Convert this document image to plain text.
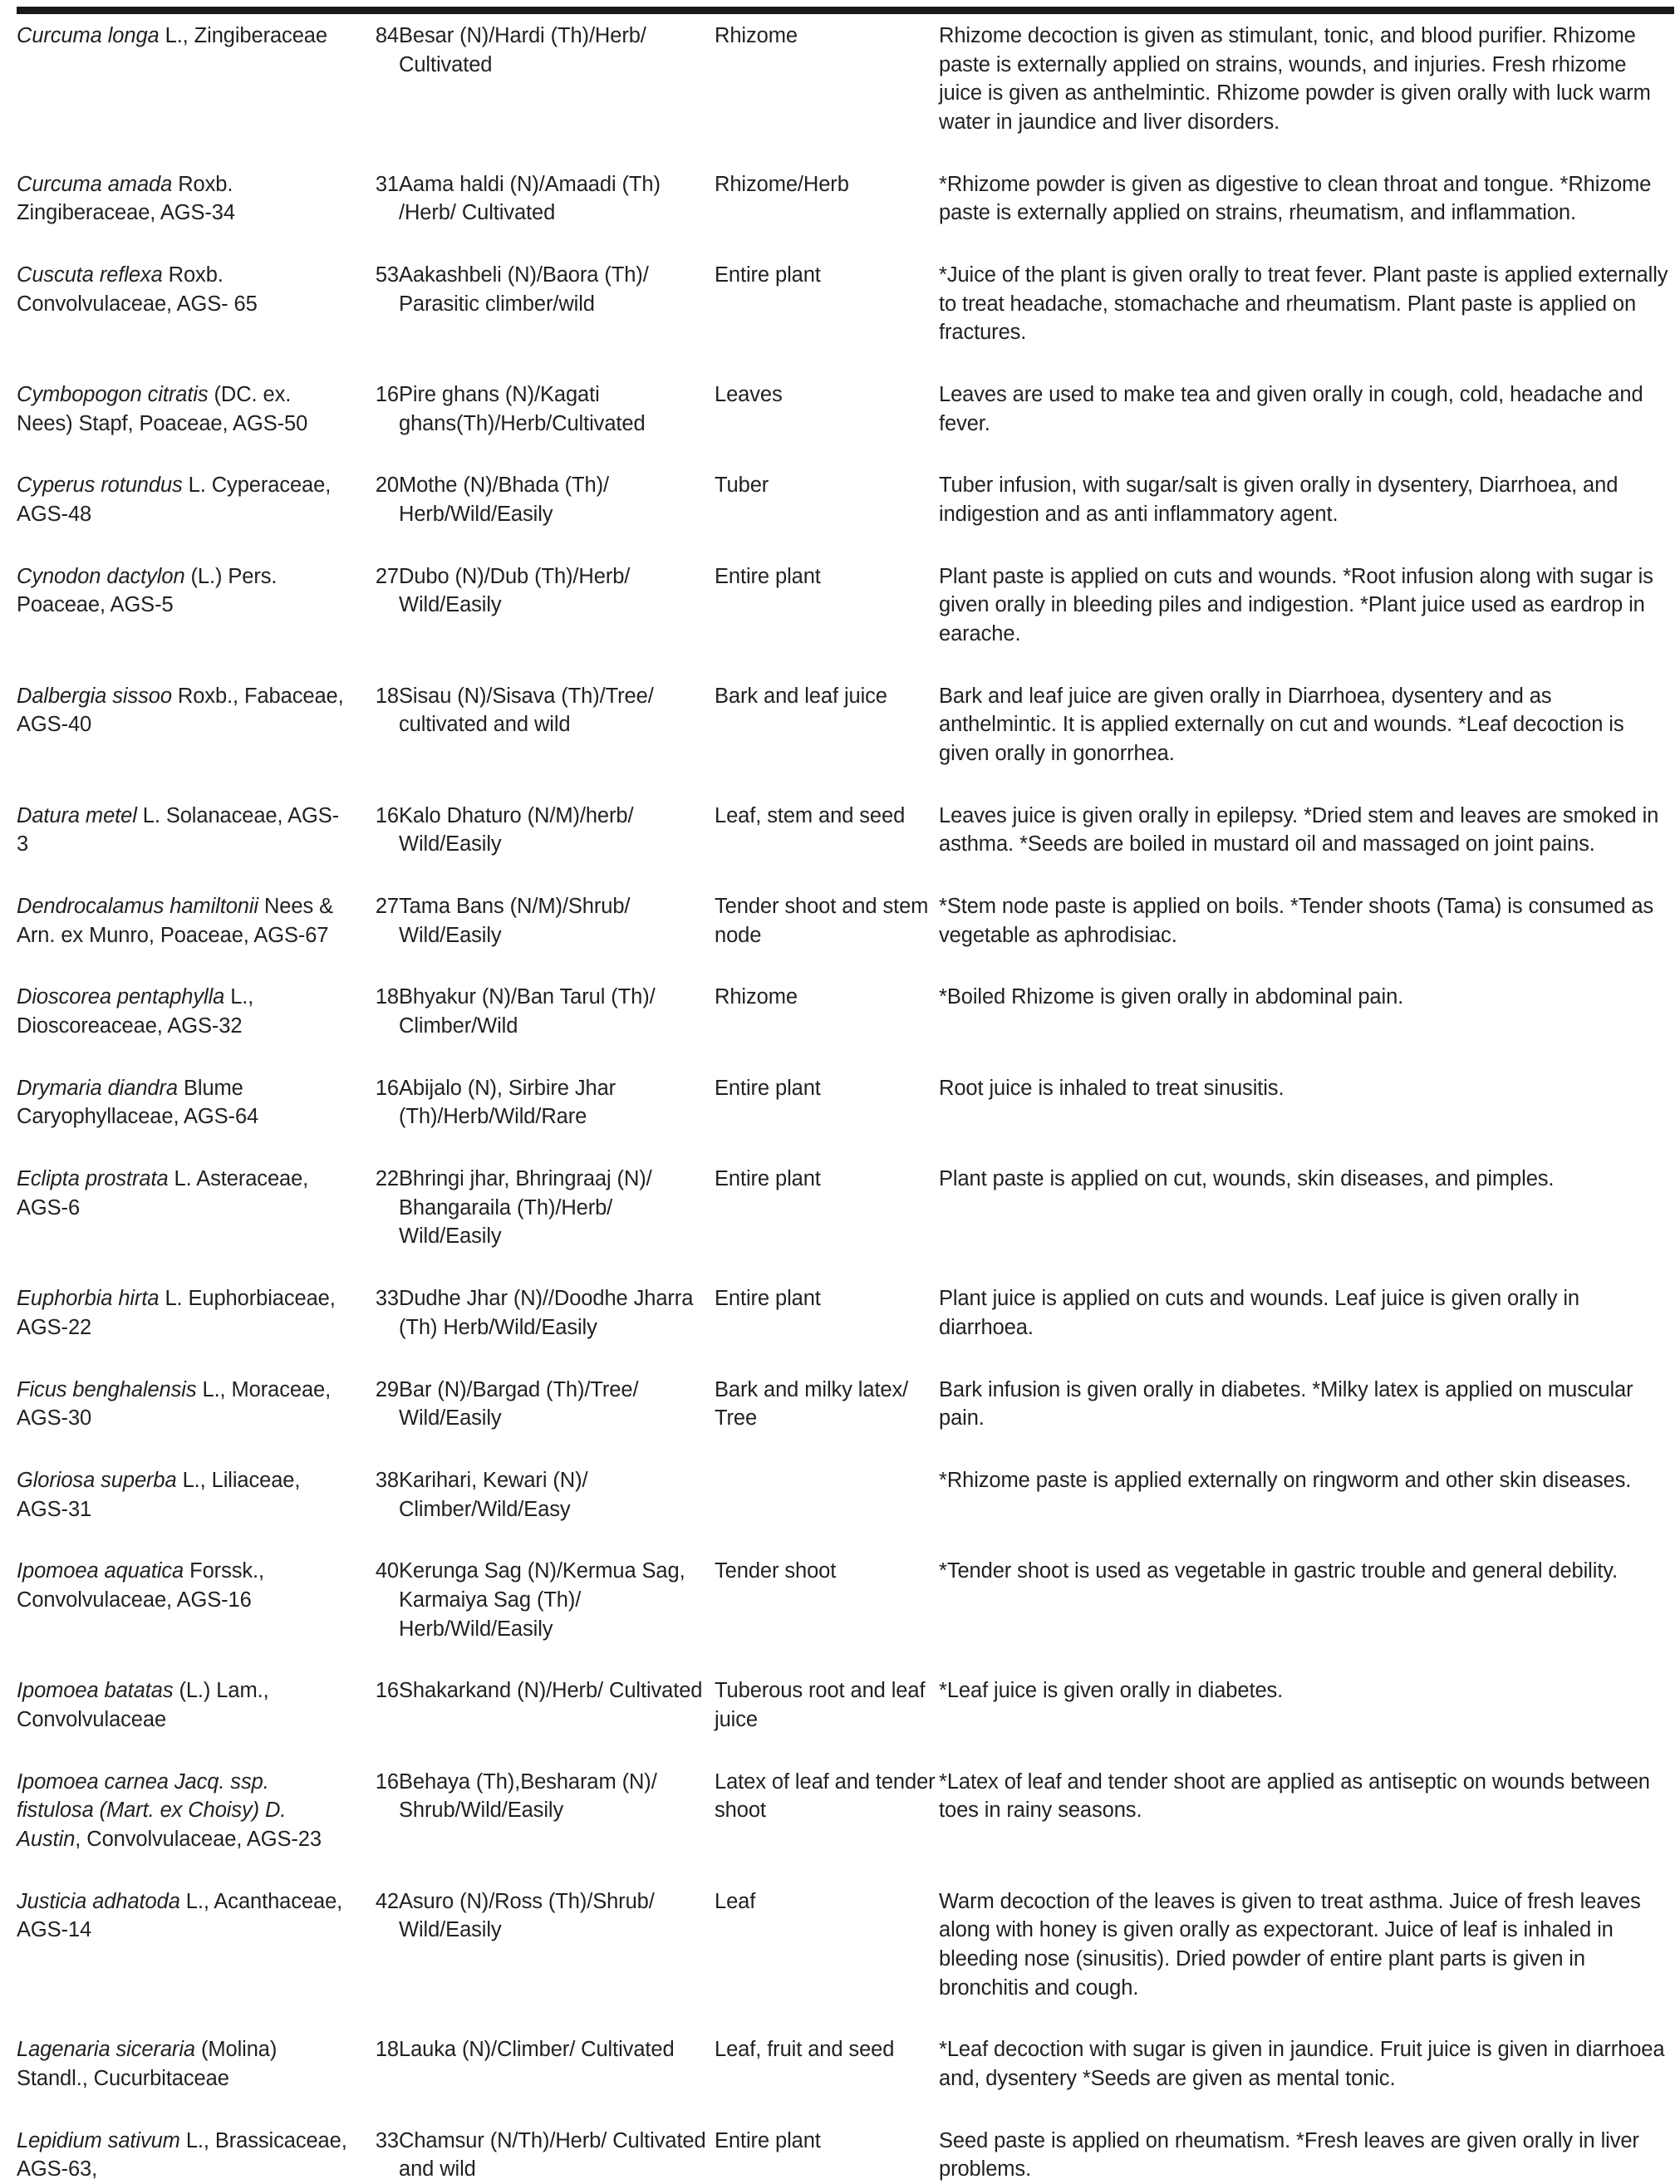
Curcuma longa L., Zingiberaceae	84	Besar (N)/Hardi (Th)/Herb/ Cultivated	Rhizome	Rhizome decoction is given as stimulant, tonic, and blood purifier. Rhizome paste is externally applied on strains, wounds, and injuries. Fresh rhizome juice is given as anthelmintic. Rhizome powder is given orally with luck warm water in jaundice and liver disorders.
Curcuma amada Roxb. Zingiberaceae, AGS-34	31	Aama haldi (N)/Amaadi (Th) /Herb/ Cultivated	Rhizome/Herb	*Rhizome powder is given as digestive to clean throat and tongue. *Rhizome paste is externally applied on strains, rheumatism, and inflammation.
Cuscuta reflexa Roxb. Convolvulaceae, AGS- 65	53	Aakashbeli (N)/Baora (Th)/ Parasitic climber/wild	Entire plant	*Juice of the plant is given orally to treat fever. Plant paste is applied externally to treat headache, stomachache and rheumatism. Plant paste is applied on fractures.
Cymbopogon citratis (DC. ex. Nees) Stapf, Poaceae, AGS-50	16	Pire ghans (N)/Kagati ghans(Th)/Herb/Cultivated	Leaves	Leaves are used to make tea and given orally in cough, cold, headache and fever.
Cyperus rotundus L. Cyperaceae, AGS-48	20	Mothe (N)/Bhada (Th)/ Herb/Wild/Easily	Tuber	Tuber infusion, with sugar/salt is given orally in dysentery, Diarrhoea, and indigestion and as anti inflammatory agent.
Cynodon dactylon (L.) Pers. Poaceae, AGS-5	27	Dubo (N)/Dub (Th)/Herb/ Wild/Easily	Entire plant	Plant paste is applied on cuts and wounds. *Root infusion along with sugar is given orally in bleeding piles and indigestion. *Plant juice used as eardrop in earache.
Dalbergia sissoo Roxb., Fabaceae, AGS-40	18	Sisau (N)/Sisava (Th)/Tree/ cultivated and wild	Bark and leaf juice	Bark and leaf juice are given orally in Diarrhoea, dysentery and as anthelmintic. It is applied externally on cut and wounds. *Leaf decoction is given orally in gonorrhea.
Datura metel L. Solanaceae, AGS-3	16	Kalo Dhaturo (N/M)/herb/ Wild/Easily	Leaf, stem and seed	Leaves juice is given orally in epilepsy. *Dried stem and leaves are smoked in asthma. *Seeds are boiled in mustard oil and massaged on joint pains.
Dendrocalamus hamiltonii Nees & Arn. ex Munro, Poaceae, AGS-67	27	Tama Bans (N/M)/Shrub/ Wild/Easily	Tender shoot and stem node	*Stem node paste is applied on boils. *Tender shoots (Tama) is consumed as vegetable as aphrodisiac.
Dioscorea pentaphylla L., Dioscoreaceae, AGS-32	18	Bhyakur (N)/Ban Tarul (Th)/ Climber/Wild	Rhizome	*Boiled Rhizome is given orally in abdominal pain.
Drymaria diandra Blume Caryophyllaceae, AGS-64	16	Abijalo (N), Sirbire Jhar (Th)/Herb/Wild/Rare	Entire plant	Root juice is inhaled to treat sinusitis.
Eclipta prostrata L. Asteraceae, AGS-6	22	Bhringi jhar, Bhringraaj (N)/ Bhangaraila (Th)/Herb/ Wild/Easily	Entire plant	Plant paste is applied on cut, wounds, skin diseases, and pimples.
Euphorbia hirta L. Euphorbiaceae, AGS-22	33	Dudhe Jhar (N)//Doodhe Jharra (Th) Herb/Wild/Easily	Entire plant	Plant juice is applied on cuts and wounds. Leaf juice is given orally in diarrhoea.
Ficus benghalensis L., Moraceae, AGS-30	29	Bar (N)/Bargad (Th)/Tree/ Wild/Easily	Bark and milky latex/ Tree	Bark infusion is given orally in diabetes. *Milky latex is applied on muscular pain.
Gloriosa superba L., Liliaceae, AGS-31	38	Karihari, Kewari (N)/ Climber/Wild/Easy		*Rhizome paste is applied externally on ringworm and other skin diseases.
Ipomoea aquatica Forssk., Convolvulaceae, AGS-16	40	Kerunga Sag (N)/Kermua Sag, Karmaiya Sag (Th)/ Herb/Wild/Easily	Tender shoot	*Tender shoot is used as vegetable in gastric trouble and general debility.
Ipomoea batatas (L.) Lam., Convolvulaceae	16	Shakarkand (N)/Herb/ Cultivated	Tuberous root and leaf juice	*Leaf juice is given orally in diabetes.
Ipomoea carnea Jacq. ssp. fistulosa (Mart. ex Choisy) D. Austin, Convolvulaceae, AGS-23	16	Behaya (Th),Besharam (N)/ Shrub/Wild/Easily	Latex of leaf and tender shoot	*Latex of leaf and tender shoot are applied as antiseptic on wounds between toes in rainy seasons.
Justicia adhatoda L., Acanthaceae, AGS-14	42	Asuro (N)/Ross (Th)/Shrub/ Wild/Easily	Leaf	Warm decoction of the leaves is given to treat asthma. Juice of fresh leaves along with honey is given orally as expectorant. Juice of leaf is inhaled in bleeding nose (sinusitis). Dried powder of entire plant parts is given in bronchitis and cough.
Lagenaria siceraria (Molina) Standl., Cucurbitaceae	18	Lauka (N)/Climber/ Cultivated	Leaf, fruit and seed	*Leaf decoction with sugar is given in jaundice. Fruit juice is given in diarrhoea and, dysentery *Seeds are given as mental tonic.
Lepidium sativum L., Brassicaceae, AGS-63,	33	Chamsur (N/Th)/Herb/ Cultivated and wild	Entire plant	Seed paste is applied on rheumatism. *Fresh leaves are given orally in liver problems.
